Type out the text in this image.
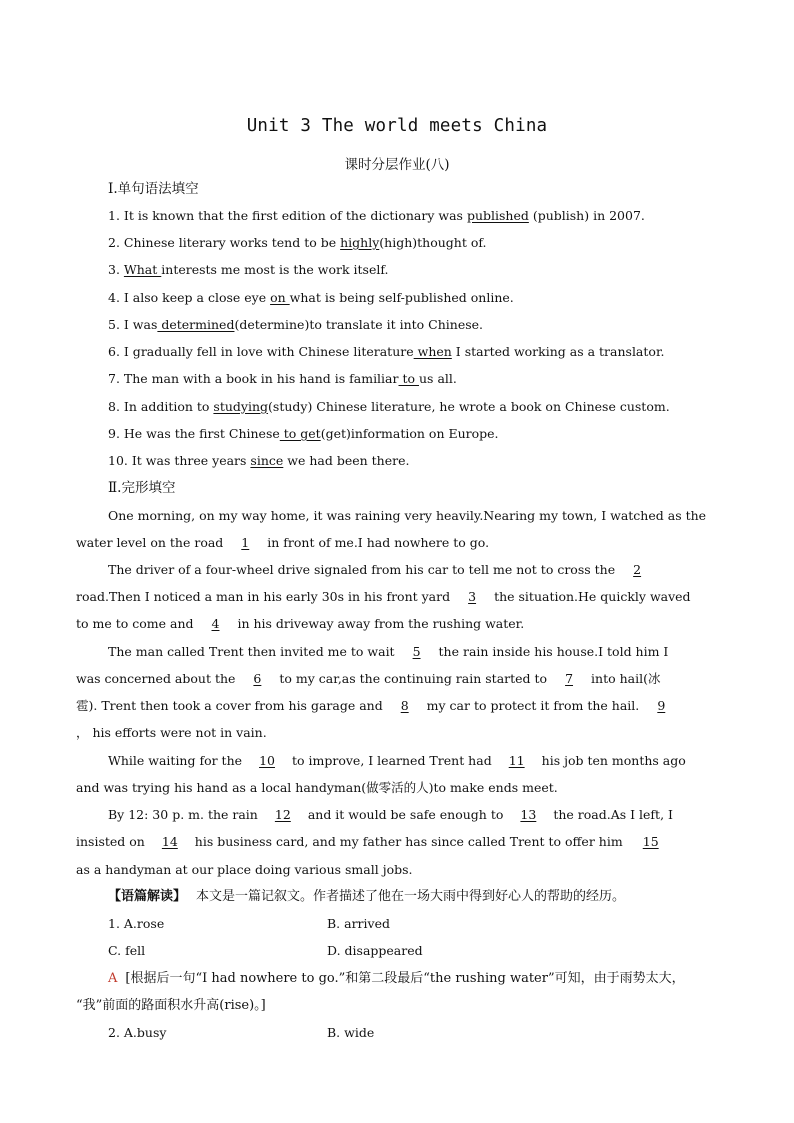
Unit 3 The world meets China
课时分层作业(八)
Ⅰ.单句语法填空
1. It is known that the first edition of the dictionary was published (publish) in 2007.
2. Chinese literary works tend to be highly(high)thought of.
3. What interests me most is the work itself.
4. I also keep a close eye on what is being self-published online.
5. I was determined(determine)to translate it into Chinese.
6. I gradually fell in love with Chinese literature when I started working as a translator.
7. The man with a book in his hand is familiar to us all.
8. In addition to studying(study) Chinese literature, he wrote a book on Chinese custom.
9. He was the first Chinese to get(get)information on Europe.
10. It was three years since we had been there.
Ⅱ.完形填空
One morning, on my way home, it was raining very heavily.Nearing my town, I watched as the
water level on the road 1 in front of me.I had nowhere to go.
The driver of a four-wheel drive signaled from his car to tell me not to cross the 2
road.Then I noticed a man in his early 30s in his front yard 3 the situation.He quickly waved
to me to come and 4 in his driveway away from the rushing water.
The man called Trent then invited me to wait 5 the rain inside his house.I told him I
was concerned about the 6 to my car,as the continuing rain started to 7 into hail(冰
雹). Trent then took a cover from his garage and 8 my car to protect it from the hail. 9
， his efforts were not in vain.
While waiting for the 10 to improve, I learned Trent had 11 his job ten months ago
and was trying his hand as a local handyman(做零活的人)to make ends meet.
By 12: 30 p. m. the rain 12 and it would be safe enough to 13 the road.As I left, I
insisted on 14 his business card, and my father has since called Trent to offer him 15
as a handyman at our place doing various small jobs.
【语篇解读】 本文是一篇记叙文。作者描述了他在一场大雨中得到好心人的帮助的经历。
1. A.rose	B. arrived
C. fell	D. disappeared
A [根据后一句“I had nowhere to go.”和第二段最后“the rushing water”可知，由于雨势太大，
“我”前面的路面积水升高(rise)。]
2. A.busy	B. wide
